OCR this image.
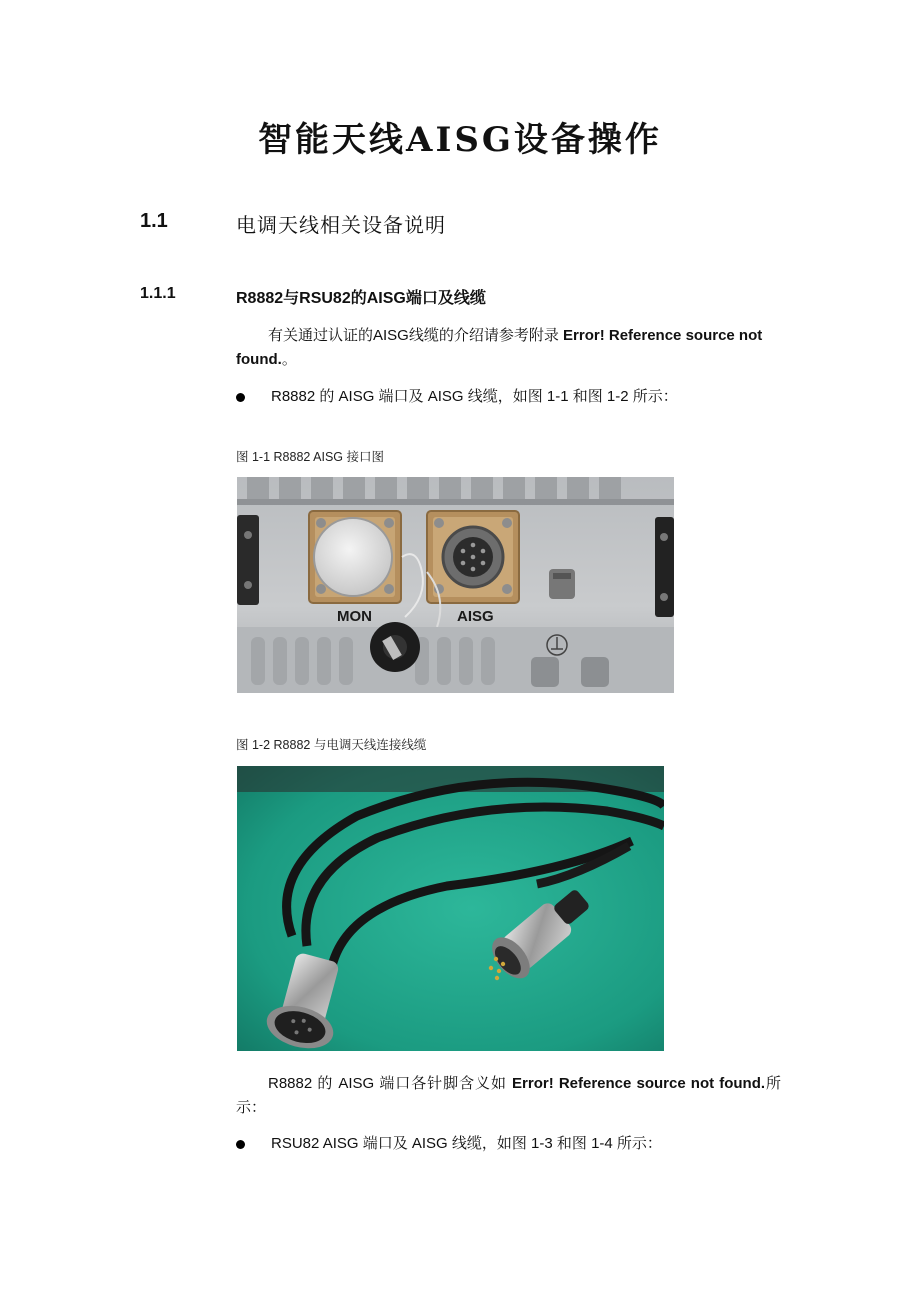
智能天线AISG设备操作
1.1	电调天线相关设备说明
1.1.1	R8882与RSU82的AISG端口及线缆

有关通过认证的AISG线缆的介绍请参考附录 Error! Reference source not found.。

R8882 的 AISG 端口及 AISG 线缆，如图 1-1 和图 1-2 所示：
图 1-1 R8882 AISG 接口图
MON	AISG
图 1-2 R8882 与电调天线连接线缆

R8882 的 AISG 端口各针脚含义如 Error! Reference source not found.所示：

RSU82 AISG 端口及 AISG 线缆，如图 1-3 和图 1-4 所示：
